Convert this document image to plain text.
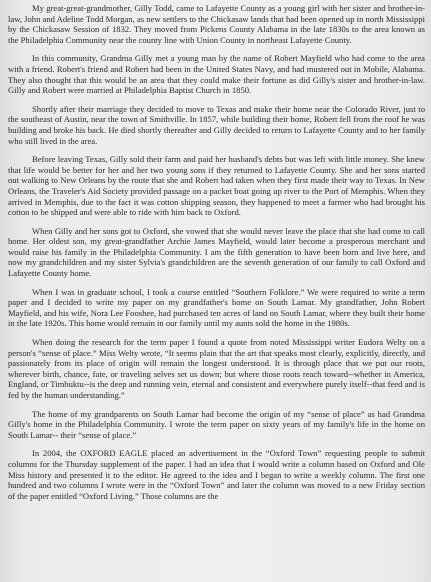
My great-great-grandmother, Gilly Todd, came to Lafayette County as a young girl with her sister and brother-in-law, John and Adeline Todd Morgan, as new settlers to the Chickasaw lands that had been opened up in north Mississippi by the Chickasaw Session of 1832. They moved from Pickens County Alabama in the late 1830s to the area known as the Philadelphia Community near the county line with Union County in northeast Lafayette County.

In this community, Grandma Gilly met a young man by the name of Robert Mayfield who had come to the area with a friend. Robert's friend and Robert had been in the United States Navy, and had mustered out in Mobile, Alabama. They also thought that this would be an area that they could make their fortune as did Gilly's sister and brother-in-law. Gilly and Robert were married at Philadelphia Baptist Church in 1850.

Shortly after their marriage they decided to move to Texas and make their home near the Colorado River, just to the southeast of Austin, near the town of Smithville. In 1857, while building their home, Robert fell from the roof he was building and broke his back. He died shortly thereafter and Gilly decided to return to Lafayette County and to her family who still lived in the area.

Before leaving Texas, Gilly sold their farm and paid her husband's debts but was left with little money. She knew that life would be better for her and her two young sons if they returned to Lafayette County. She and her sons started out walking to New Orleans by the route that she and Robert had taken when they first made their way to Texas. In New Orleans, the Traveler's Aid Society provided passage on a packet boat going up river to the Port of Memphis. When they arrived in Memphis, due to the fact it was cotton shipping season, they happened to meet a farmer who had brought his cotton to be shipped and were able to ride with him back to Oxford.

When Gilly and her sons got to Oxford, she vowed that she would never leave the place that she had come to call home. Her oldest son, my great-grandfather Archie James Mayfield, would later become a prosperous merchant and would raise his family in the Philadelphia Community. I am the fifth generation to have been born and live here, and now my grandchildren and my sister Sylvia's grandchildren are the seventh generation of our family to call Oxford and Lafayette County home.

When I was in graduate school, I took a course entitled “Southern Folklore.” We were required to write a term paper and I decided to write my paper on my grandfather's home on South Lamar. My grandfather, John Robert Mayfield, and his wife, Nora Lee Fooshee, had purchased ten acres of land on South Lamar, where they built their home in the late 1920s. This home would remain in our family until my aunts sold the home in the 1980s.

When doing the research for the term paper I found a quote from noted Mississippi writer Eudora Welty on a person's “sense of place.” Miss Welty wrote, “It seems plain that the art that speaks most clearly, explicitly, directly, and passionately from its place of origin will remain the longest understood. It is through place that we put our roots, wherever birth, chance, fate, or traveling selves set us down; but where those roots reach toward--whether in America, England, or Timbuktu--is the deep and running vein, eternal and consistent and everywhere purely itself--that feed and is fed by the human understanding.”

The home of my grandparents on South Lamar had become the origin of my “sense of place” as had Grandma Gilly's home in the Philadelphia Community. I wrote the term paper on sixty years of my family's life in the home on South Lamar-- their “sense of place.”

In 2004, the OXFORD EAGLE placed an advertisement in the “Oxford Town” requesting people to submit columns for the Thursday supplement of the paper. I had an idea that I would write a column based on Oxford and Ole Miss history and presented it to the editor. He agreed to the idea and I began to write a weekly column. The first one hundred and two columns I wrote were in the “Oxford Town” and later the column was moved to a new Friday section of the paper entitled “Oxford Living.” Those columns are the
